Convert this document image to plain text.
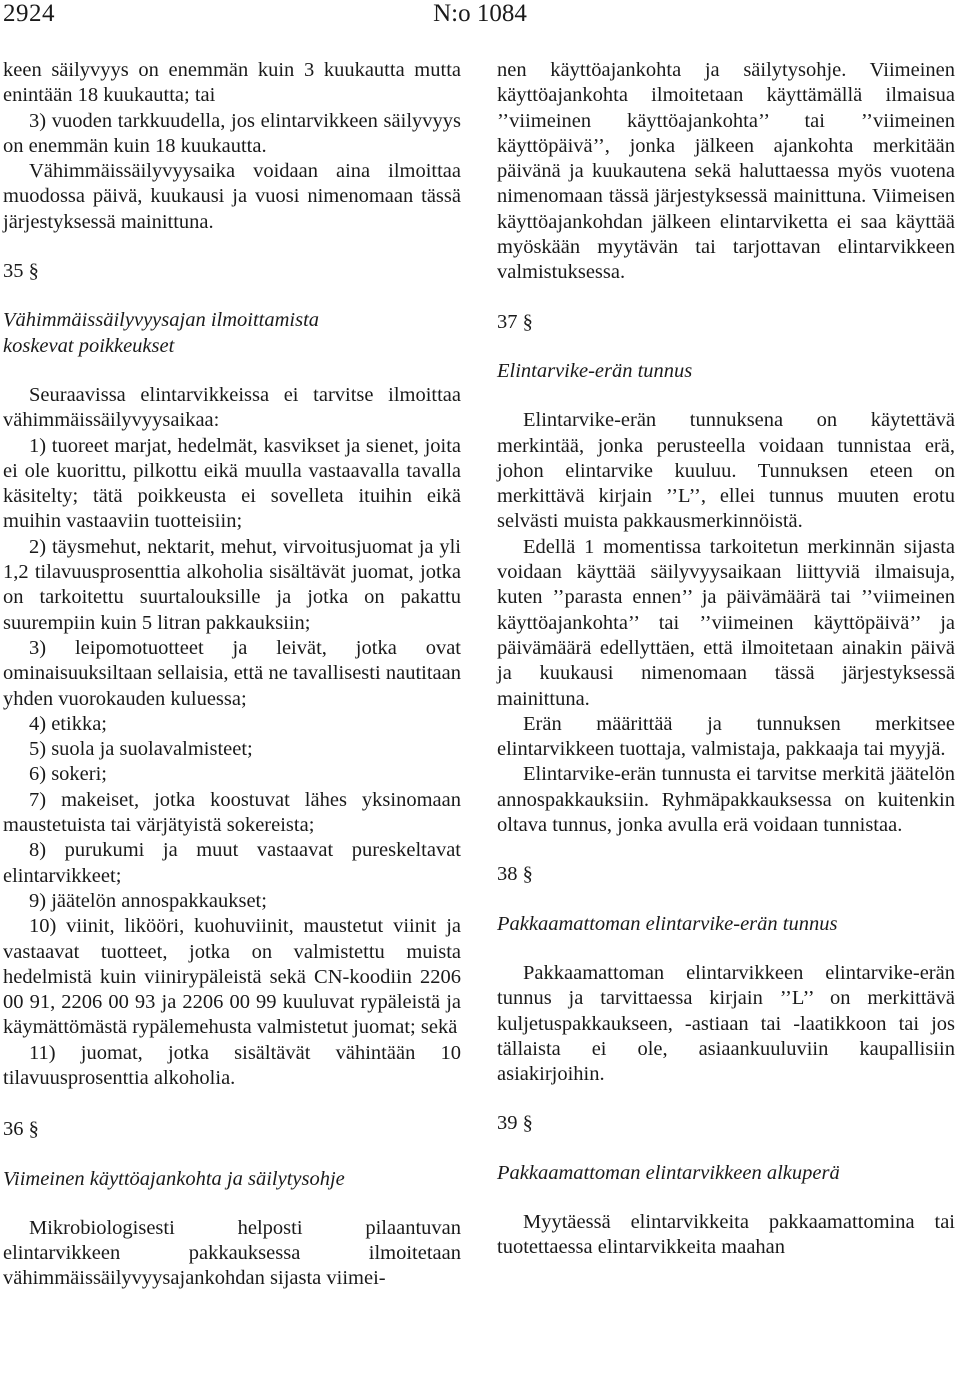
2924	N:o 1084

keen säilyvyys on enemmän kuin 3 kuukautta mutta enintään 18 kuukautta; tai

3) vuoden tarkkuudella, jos elintarvikkeen säilyvyys on enemmän kuin 18 kuukautta.

Vähimmäissäilyvyysaika voidaan aina ilmoittaa muodossa päivä, kuukausi ja vuosi nimenomaan tässä järjestyksessä mainittuna.

35 §

Vähimmäissäilyvyysajan ilmoittamista
koskevat poikkeukset

Seuraavissa elintarvikkeissa ei tarvitse ilmoittaa vähimmäissäilyvyysaikaa:

1) tuoreet marjat, hedelmät, kasvikset ja sienet, joita ei ole kuorittu, pilkottu eikä muulla vastaavalla tavalla käsitelty; tätä poikkeusta ei sovelleta ituihin eikä muihin vastaaviin tuotteisiin;

2) täysmehut, nektarit, mehut, virvoitusjuomat ja yli 1,2 tilavuusprosenttia alkoholia sisältävät juomat, jotka on tarkoitettu suurtalouksille ja jotka on pakattu suurempiin kuin 5 litran pakkauksiin;

3) leipomotuotteet ja leivät, jotka ovat ominaisuuksiltaan sellaisia, että ne tavallisesti nautitaan yhden vuorokauden kuluessa;

4) etikka;

5) suola ja suolavalmisteet;

6) sokeri;

7) makeiset, jotka koostuvat lähes yksinomaan maustetuista tai värjätyistä sokereista;

8) purukumi ja muut vastaavat pureskeltavat elintarvikkeet;

9) jäätelön annospakkaukset;

10) viinit, likööri, kuohuviinit, maustetut viinit ja vastaavat tuotteet, jotka on valmistettu muista hedelmistä kuin viinirypäleistä sekä CN-koodiin 2206 00 91, 2206 00 93 ja 2206 00 99 kuuluvat rypäleistä ja käymättömästä rypälemehusta valmistetut juomat; sekä

11) juomat, jotka sisältävät vähintään 10 tilavuusprosenttia alkoholia.

36 §

Viimeinen käyttöajankohta ja säilytysohje

Mikrobiologisesti helposti pilaantuvan elintarvikkeen pakkauksessa ilmoitetaan vähimmäissäilyvyysajankohdan sijasta viimei-

nen käyttöajankohta ja säilytysohje. Viimeinen käyttöajankohta ilmoitetaan käyttämällä ilmaisua ’’viimeinen käyttöajankohta’’ tai ’’viimeinen käyttöpäivä’’, jonka jälkeen ajankohta merkitään päivänä ja kuukautena sekä haluttaessa myös vuotena nimenomaan tässä järjestyksessä mainittuna. Viimeisen käyttöajankohdan jälkeen elintarviketta ei saa käyttää myöskään myytävän tai tarjottavan elintarvikkeen valmistuksessa.

37 §

Elintarvike-erän tunnus

Elintarvike-erän tunnuksena on käytettävä merkintää, jonka perusteella voidaan tunnistaa erä, johon elintarvike kuuluu. Tunnuksen eteen on merkittävä kirjain ’’L’’, ellei tunnus muuten erotu selvästi muista pakkausmerkinnöistä.

Edellä 1 momentissa tarkoitetun merkinnän sijasta voidaan käyttää säilyvyysaikaan liittyviä ilmaisuja, kuten ’’parasta ennen’’ ja päivämäärä tai ’’viimeinen käyttöajankohta’’ tai ’’viimeinen käyttöpäivä’’ ja päivämäärä edellyttäen, että ilmoitetaan ainakin päivä ja kuukausi nimenomaan tässä järjestyksessä mainittuna.

Erän määrittää ja tunnuksen merkitsee elintarvikkeen tuottaja, valmistaja, pakkaaja tai myyjä.

Elintarvike-erän tunnusta ei tarvitse merkitä jäätelön annospakkauksiin. Ryhmäpakkauksessa on kuitenkin oltava tunnus, jonka avulla erä voidaan tunnistaa.

38 §

Pakkaamattoman elintarvike-erän tunnus

Pakkaamattoman elintarvikkeen elintarvike-erän tunnus ja tarvittaessa kirjain ’’L’’ on merkittävä kuljetuspakkaukseen, -astiaan tai -laatikkoon tai jos tällaista ei ole, asiaankuuluviin kaupallisiin asiakirjoihin.

39 §

Pakkaamattoman elintarvikkeen alkuperä

Myytäessä elintarvikkeita pakkaamattomina tai tuotettaessa elintarvikkeita maahan
